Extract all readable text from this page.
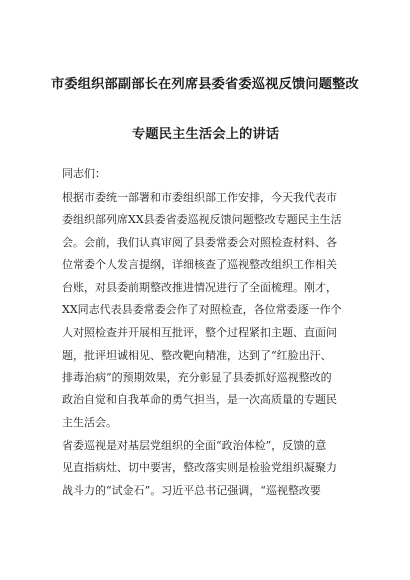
市委组织部副部长在列席县委省委巡视反馈问题整改
专题民主生活会上的讲话
同志们：
根据市委统一部署和市委组织部工作安排，今天我代表市
委组织部列席XX县委省委巡视反馈问题整改专题民主生活
会。会前，我们认真审阅了县委常委会对照检查材料、各
位常委个人发言提纲，详细核查了巡视整改组织工作相关
台账，对县委前期整改推进情况进行了全面梳理。刚才，
XX同志代表县委常委会作了对照检查，各位常委逐一作个
人对照检查并开展相互批评，整个过程紧扣主题、直面问
题，批评坦诚相见、整改靶向精准，达到了“红脸出汗、
排毒治病”的预期效果，充分彰显了县委抓好巡视整改的
政治自觉和自我革命的勇气担当，是一次高质量的专题民
主生活会。
省委巡视是对基层党组织的全面“政治体检”，反馈的意
见直指病灶、切中要害，整改落实则是检验党组织凝聚力
战斗力的“试金石”。习近平总书记强调，“巡视整改要
